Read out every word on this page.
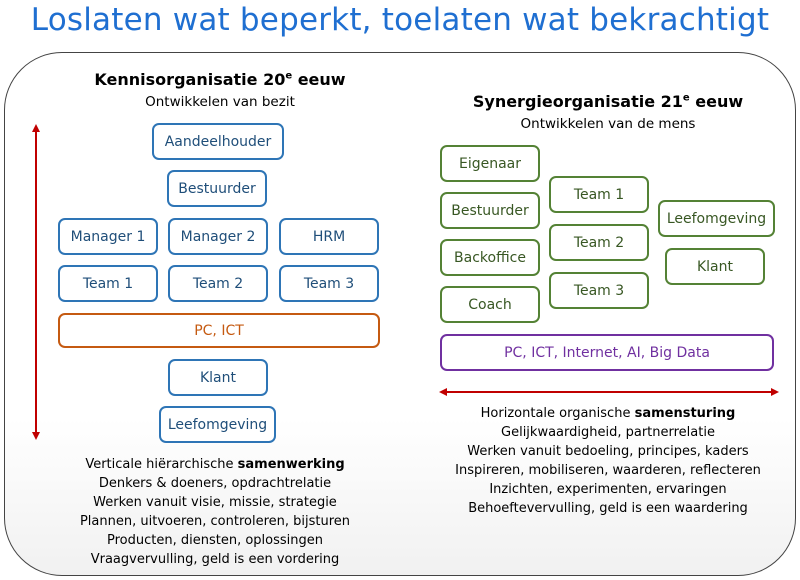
Loslaten wat beperkt, toelaten wat bekrachtigt
Kennisorganisatie 20e eeuw
Ontwikkelen van bezit
Aandeelhouder
Bestuurder
Manager 1	Manager 2	HRM
Team 1	Team 2
PC, ICT
Team 3
Klant
Leefomgeving
Verticale hiërarchische samenwerking
Denkers & doeners, opdrachtrelatie
Werken vanuit visie, missie, strategie
Plannen, uitvoeren, controleren, bijsturen
Producten, diensten, oplossingen
Vraagvervulling, geld is een vordering
Synergieorganisatie 21e eeuw
Ontwikkelen van de mens
Eigenaar
Bestuurder
Backoffice
Coach
Team 1
Team 2
Team 3
Leefomgeving
Klant
PC, ICT, Internet, AI, Big Data
Horizontale organische samensturing
Gelijkwaardigheid, partnerrelatie
Werken vanuit bedoeling, principes, kaders
Inspireren, mobiliseren, waarderen, reflecteren
Inzichten, experimenten, ervaringen
Behoeftevervulling, geld is een waardering
